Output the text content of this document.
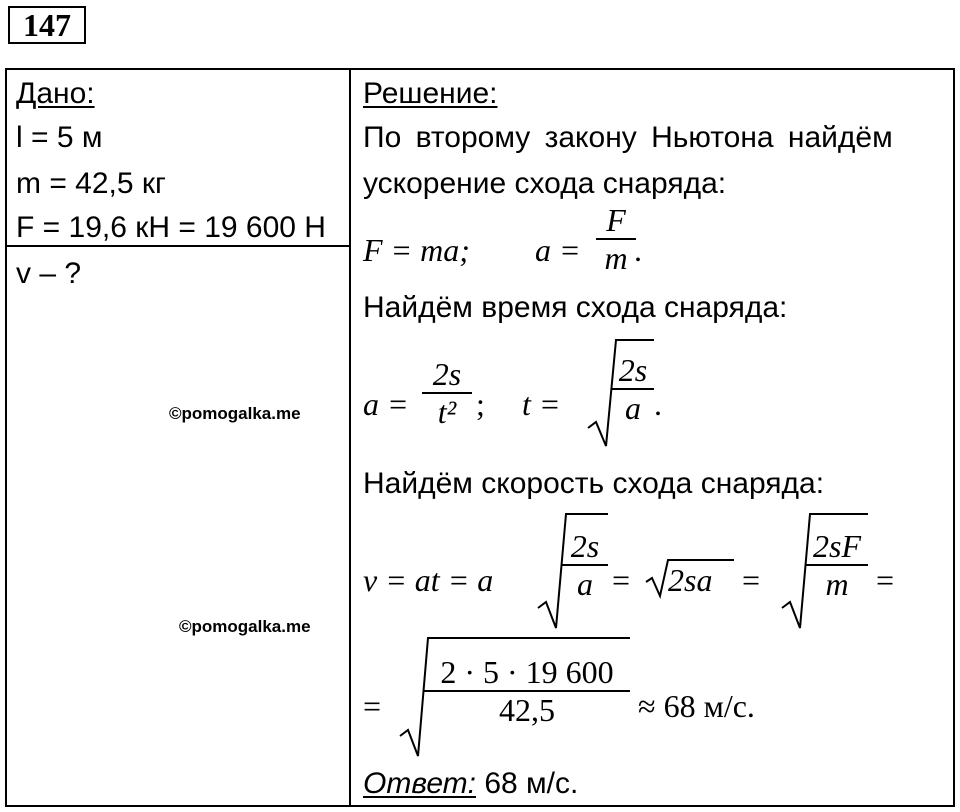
147
Дано:
l = 5 м
m = 42,5 кг
F = 19,6 кН = 19 600 Н
v – ?
©pomogalka.me
©pomogalka.me
Решение:
По второму закону Ньютона найдём
ускорение схода снаряда:
F = ma; a =
F
m .
Найдём время схода снаряда:
a =
2s
t² ; t =
2s
a .
Найдём скорость схода снаряда:
v = at = a
2s
a = 2sa =
2sF
m =
=
2 · 5 · 19 600
42,5	≈ 68 м/с.
Ответ: 68 м/с.
